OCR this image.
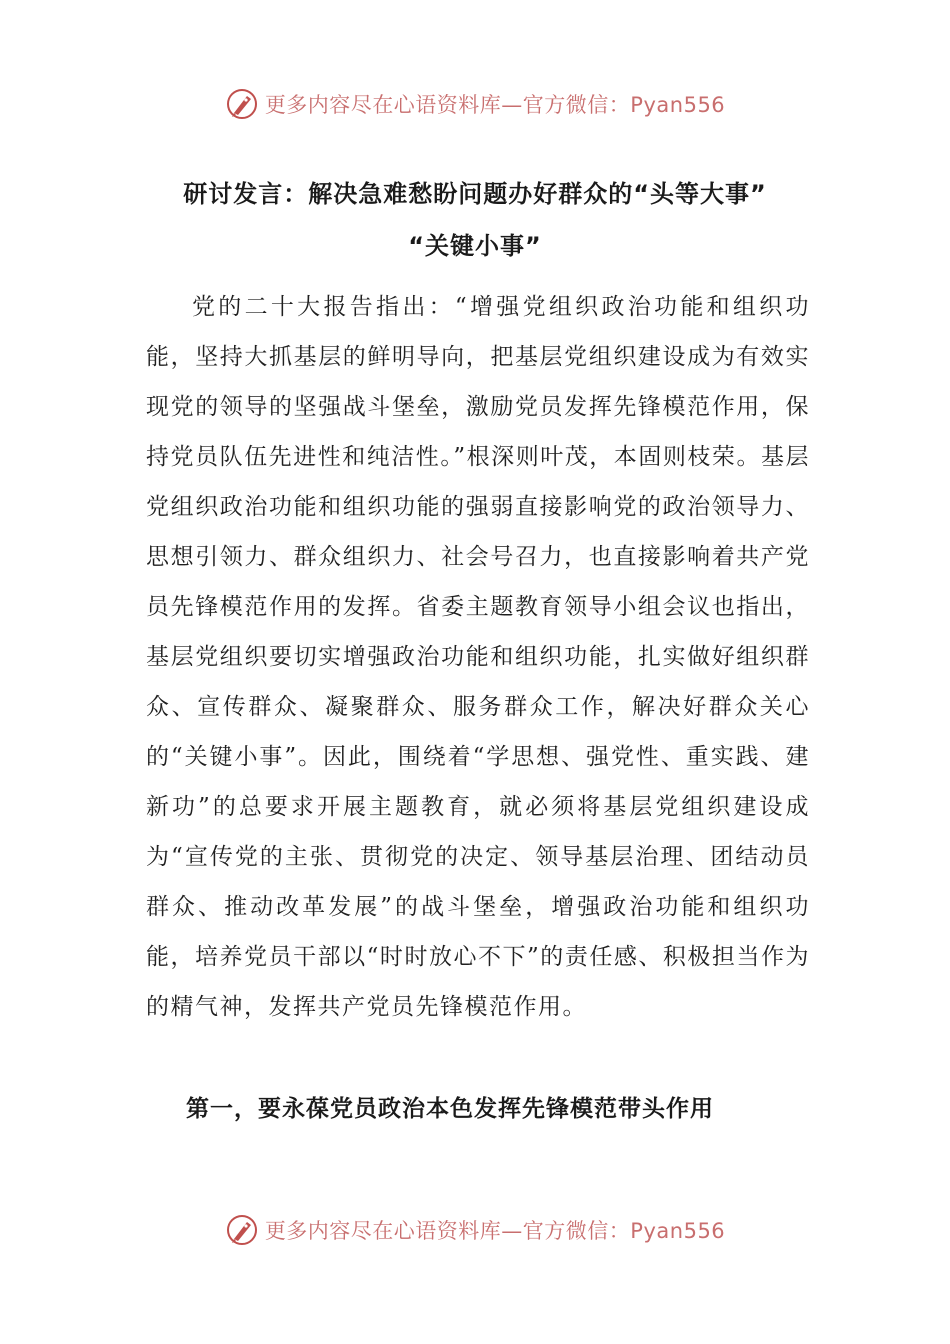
更多内容尽在心语资料库—官方微信：Pyan556
研讨发言：解决急难愁盼问题办好群众的“头等大事”
“关键小事”

党的二十大报告指出：“增强党组织政治功能和组织功能，坚持大抓基层的鲜明导向，把基层党组织建设成为有效实现党的领导的坚强战斗堡垒，激励党员发挥先锋模范作用，保持党员队伍先进性和纯洁性。”根深则叶茂，本固则枝荣。基层党组织政治功能和组织功能的强弱直接影响党的政治领导力、思想引领力、群众组织力、社会号召力，也直接影响着共产党员先锋模范作用的发挥。省委主题教育领导小组会议也指出，基层党组织要切实增强政治功能和组织功能，扎实做好组织群众、宣传群众、凝聚群众、服务群众工作，解决好群众关心的“关键小事”。因此，围绕着“学思想、强党性、重实践、建新功”的总要求开展主题教育，就必须将基层党组织建设成为“宣传党的主张、贯彻党的决定、领导基层治理、团结动员群众、推动改革发展”的战斗堡垒，增强政治功能和组织功能，培养党员干部以“时时放心不下”的责任感、积极担当作为的精气神，发挥共产党员先锋模范作用。

第一，要永葆党员政治本色发挥先锋模范带头作用
更多内容尽在心语资料库—官方微信：Pyan556
